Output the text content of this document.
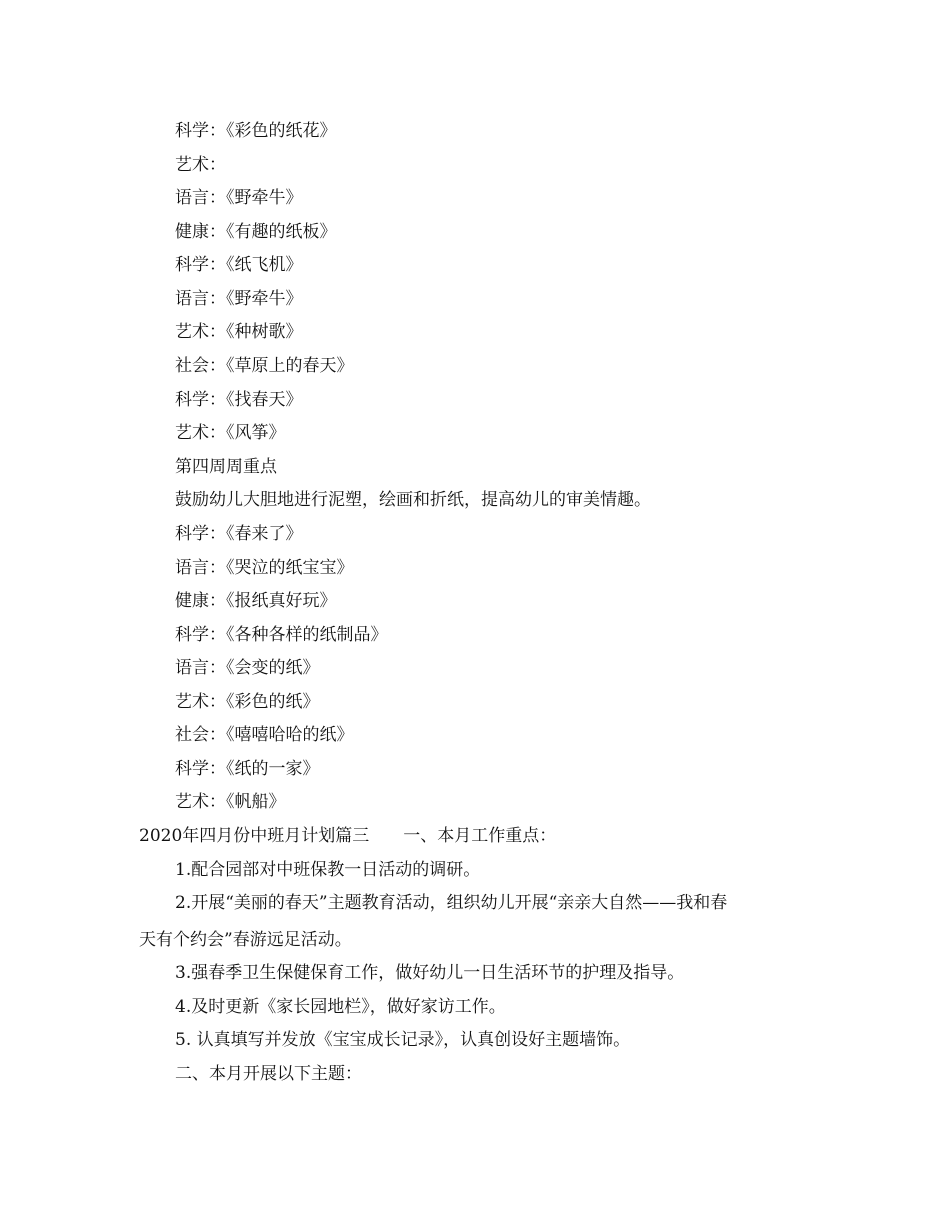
科学：《彩色的纸花》
艺术：
语言：《野牵牛》
健康：《有趣的纸板》
科学：《纸飞机》
语言：《野牵牛》
艺术：《种树歌》
社会：《草原上的春天》
科学：《找春天》
艺术：《风筝》
第四周周重点
鼓励幼儿大胆地进行泥塑，绘画和折纸，提高幼儿的审美情趣。
科学：《春来了》
语言：《哭泣的纸宝宝》
健康：《报纸真好玩》
科学：《各种各样的纸制品》
语言：《会变的纸》
艺术：《彩色的纸》
社会：《嘻嘻哈哈的纸》
科学：《纸的一家》
艺术：《帆船》
2020年四月份中班月计划篇三　　一、本月工作重点：
1.配合园部对中班保教一日活动的调研。
2.开展“美丽的春天”主题教育活动，组织幼儿开展“亲亲大自然——我和春
天有个约会”春游远足活动。
3.强春季卫生保健保育工作，做好幼儿一日生活环节的护理及指导。
4.及时更新《家长园地栏》，做好家访工作。
5. 认真填写并发放《宝宝成长记录》，认真创设好主题墙饰。
二、本月开展以下主题：
